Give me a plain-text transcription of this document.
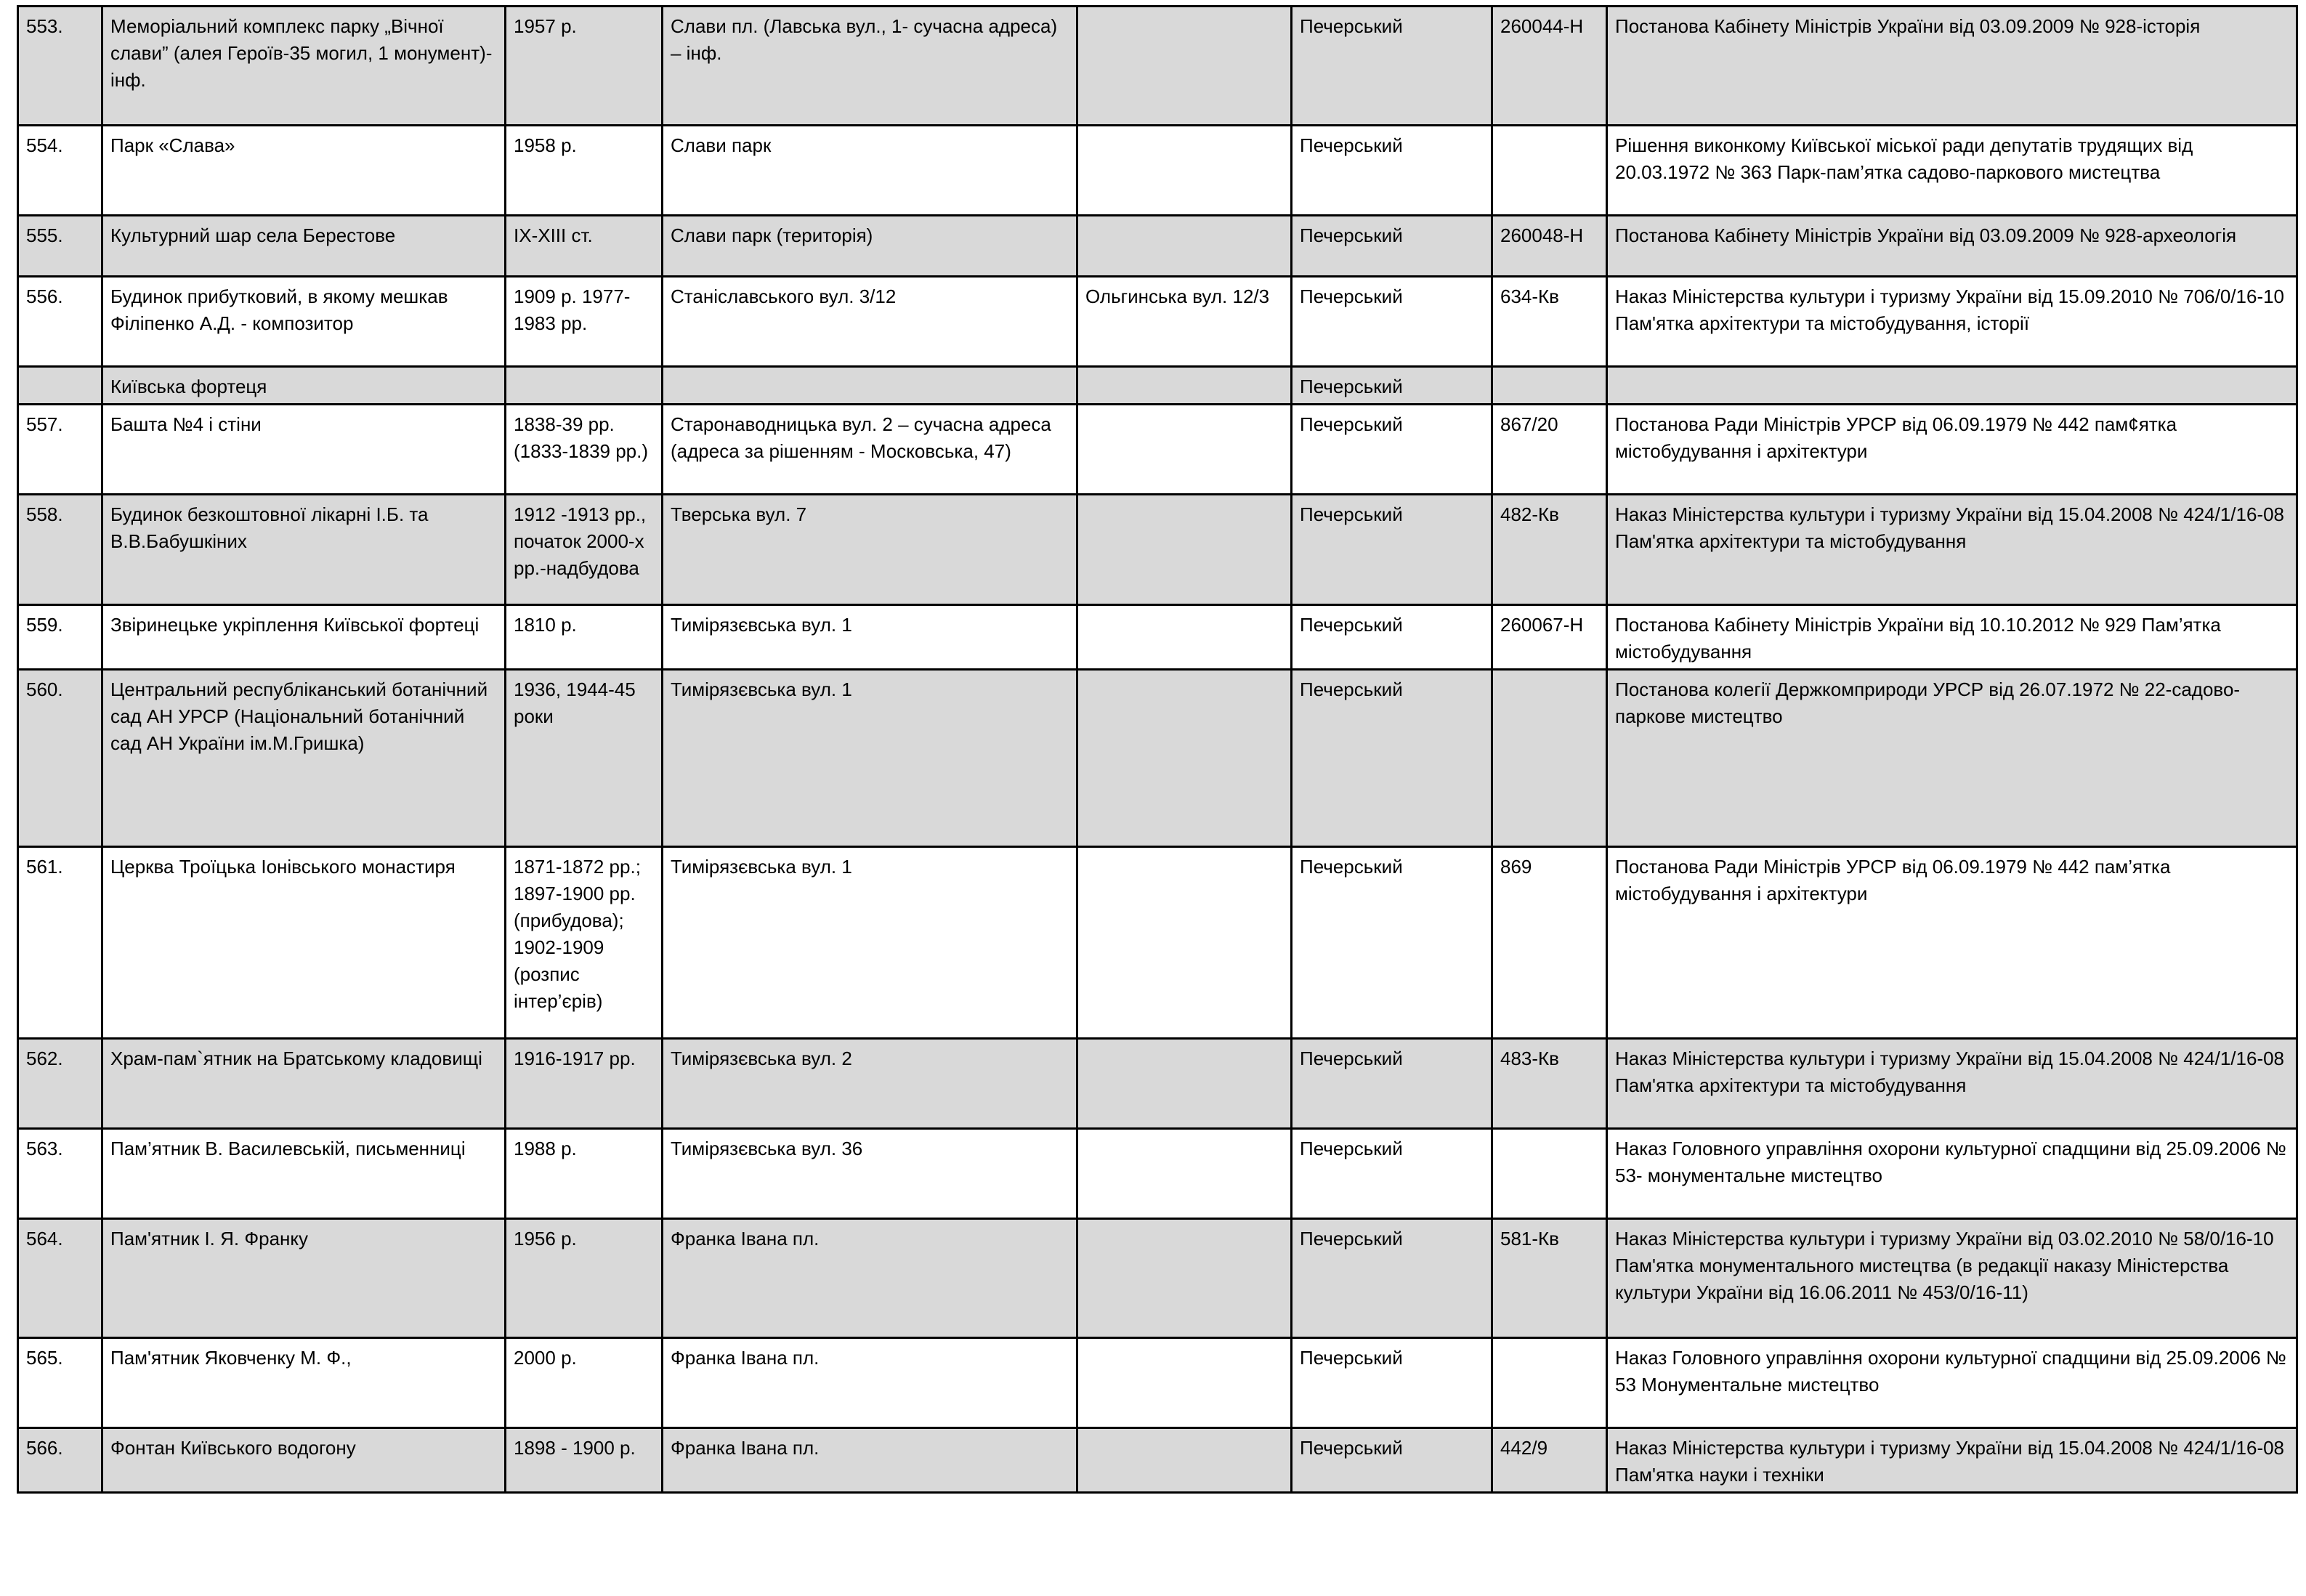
553.	Меморіальний комплекс парку „Вічної слави” (алея Героїв-35 могил, 1 монумент)-інф.	1957 р.	Слави пл. (Лавська вул., 1- сучасна адреса) – інф.		Печерський	260044-Н	Постанова Кабінету Міністрів України від 03.09.2009 № 928-історія
554.	Парк «Слава»	1958 р.	Слави парк		Печерський		Рішення виконкому Київської міської ради депутатів трудящих від 20.03.1972 № 363 Парк-пам’ятка садово-паркового мистецтва
555.	Культурний шар села Берестове	IX-XIII ст.	Слави парк (територія)		Печерський	260048-Н	Постанова Кабінету Міністрів України від 03.09.2009 № 928-археологія
556.	Будинок прибутковий, в якому мешкав Філіпенко А.Д. - композитор	1909 р. 1977-1983 рр.	Станіславського вул. 3/12	Ольгинська вул. 12/3	Печерський	634-Кв	Наказ Міністерства культури і туризму України від 15.09.2010 № 706/0/16-10 Пам'ятка архітектури та містобудування, історії
	Київська фортеця				Печерський		
557.	Башта №4 і стіни	1838-39 рр. (1833-1839 рр.)	Старонаводницька вул. 2 – сучасна адреса (адреса за рішенням - Московська, 47)		Печерський	867/20	Постанова Ради Міністрів УРСР від 06.09.1979 № 442 пам¢ятка містобудування і архітектури
558.	Будинок безкоштовної лікарні І.Б. та В.В.Бабушкіних	1912 -1913 рр., початок 2000-х рр.-надбудова	Тверська вул. 7		Печерський	482-Кв	Наказ Міністерства культури і туризму України від 15.04.2008 № 424/1/16-08 Пам'ятка архітектури та містобудування
559.	Звіринецьке укріплення Київської фортеці	1810 р.	Тимірязєвська вул. 1		Печерський	260067-Н	Постанова Кабінету Міністрів України від 10.10.2012 № 929 Пам’ятка містобудування
560.	Центральний республіканський ботанічний сад АН УРСР (Національний ботанічний сад АН України ім.М.Гришка)	1936, 1944-45 роки	Тимірязєвська вул. 1		Печерський		Постанова колегії Держкомприроди УРСР від 26.07.1972 № 22-садово- паркове мистецтво
561.	Церква Троїцька Іонівського монастиря	1871-1872 рр.; 1897-1900 рр. (прибудова); 1902-1909 (розпис інтер’єрів)	Тимірязєвська вул. 1		Печерський	869	Постанова Ради Міністрів УРСР від 06.09.1979 № 442 пам’ятка містобудування і архітектури
562.	Храм-пам`ятник на Братському кладовищі	1916-1917 рр.	Тимірязєвська вул. 2		Печерський	483-Кв	Наказ Міністерства культури і туризму України від 15.04.2008 № 424/1/16-08 Пам'ятка архітектури та містобудування
563.	Пам’ятник В. Василевській, письменниці	1988 р.	Тимірязєвська вул. 36		Печерський		Наказ Головного управління охорони культурної спадщини від 25.09.2006 № 53- монументальне мистецтво
564.	Пам'ятник І. Я. Франку	1956 р.	Франка Івана пл.		Печерський	581-Кв	Наказ Міністерства культури і туризму України від 03.02.2010 № 58/0/16-10 Пам'ятка монументального мистецтва (в редакції наказу Міністерства культури України від 16.06.2011 № 453/0/16-11)
565.	Пам'ятник Яковченку М. Ф.,	2000 р.	Франка Івана пл.		Печерський		Наказ Головного управління охорони культурної спадщини від 25.09.2006 № 53 Монументальне мистецтво
566.	Фонтан Київського водогону	1898 - 1900 р.	Франка Івана пл.		Печерський	442/9	Наказ Міністерства культури і туризму України від 15.04.2008 № 424/1/16-08 Пам'ятка науки і техніки
